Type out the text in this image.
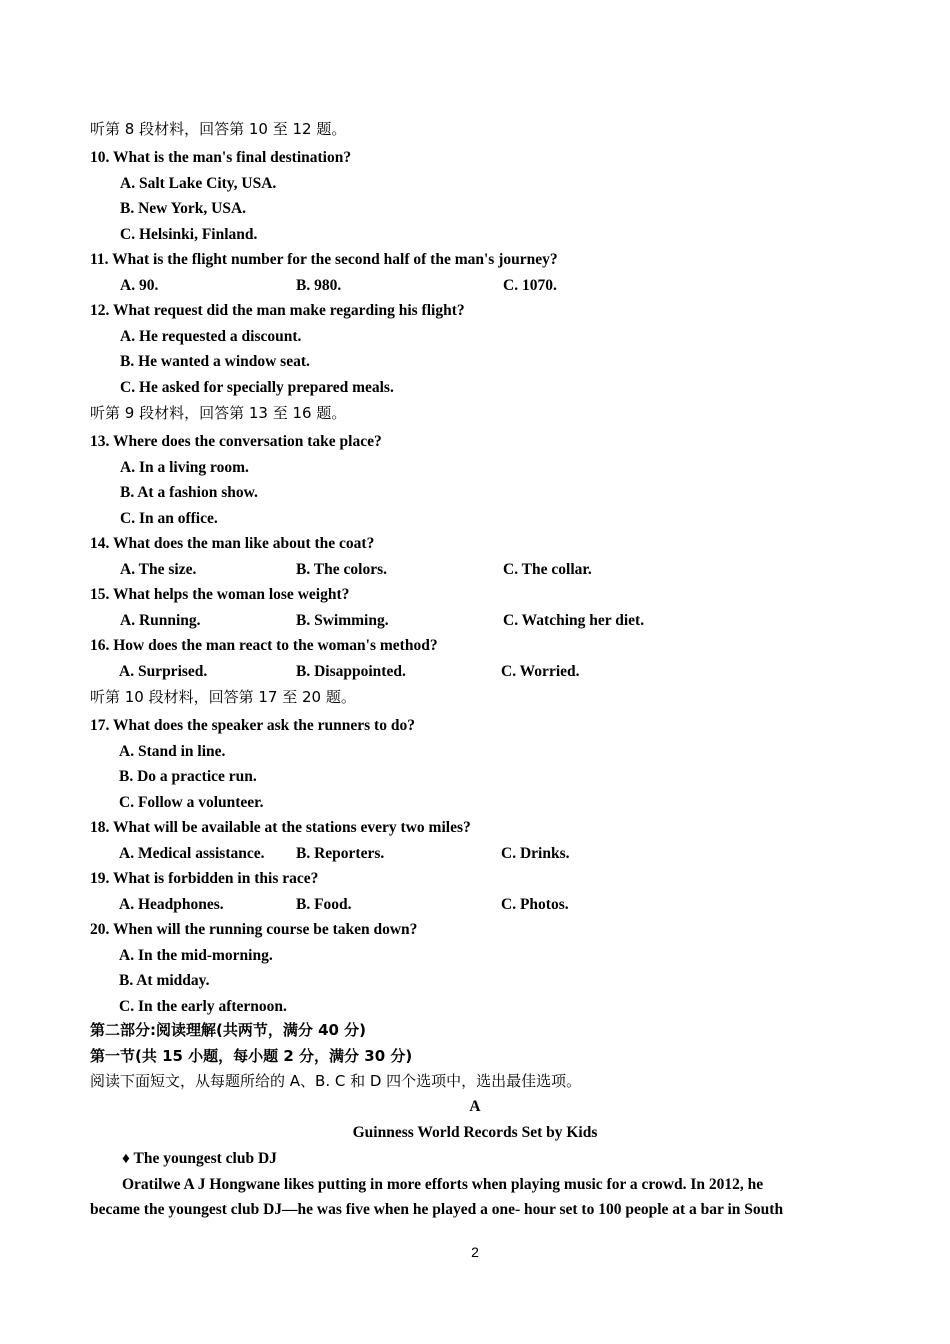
听第 8 段材料，回答第 10 至 12 题。
10. What is the man's final destination?
A. Salt Lake City, USA.
B. New York, USA.
C. Helsinki, Finland.
11. What is the flight number for the second half of the man's journey?
A. 90.	B. 980.	C. 1070.
12. What request did the man make regarding his flight?
A. He requested a discount.
B. He wanted a window seat.
C. He asked for specially prepared meals.
听第 9 段材料，回答第 13 至 16 题。
13. Where does the conversation take place?
A. In a living room.
B. At a fashion show.
C. In an office.
14. What does the man like about the coat?
A. The size.	B. The colors.	C. The collar.
15. What helps the woman lose weight?
A. Running.	B. Swimming.	C. Watching her diet.
16. How does the man react to the woman's method?
A. Surprised.	B. Disappointed.	C. Worried.
听第 10 段材料，回答第 17 至 20 题。
17. What does the speaker ask the runners to do?
A. Stand in line.
B. Do a practice run.
C. Follow a volunteer.
18. What will be available at the stations every two miles?
A. Medical assistance. B. Reporters.	C. Drinks.
19. What is forbidden in this race?
A. Headphones.	B. Food.	C. Photos.
20. When will the running course be taken down?
A. In the mid-morning.
B. At midday.
C. In the early afternoon.
第二部分:阅读理解(共两节，满分 40 分)
第一节(共 15 小题，每小题 2 分，满分 30 分)
阅读下面短文，从每题所给的 A、B. C 和 D 四个选项中，选出最佳选项。
A
Guinness World Records Set by Kids
♦ The youngest club DJ
Oratilwe A J Hongwane likes putting in more efforts when playing music for a crowd. In 2012, he
became the youngest club DJ—he was five when he played a one- hour set to 100 people at a bar in South
2
